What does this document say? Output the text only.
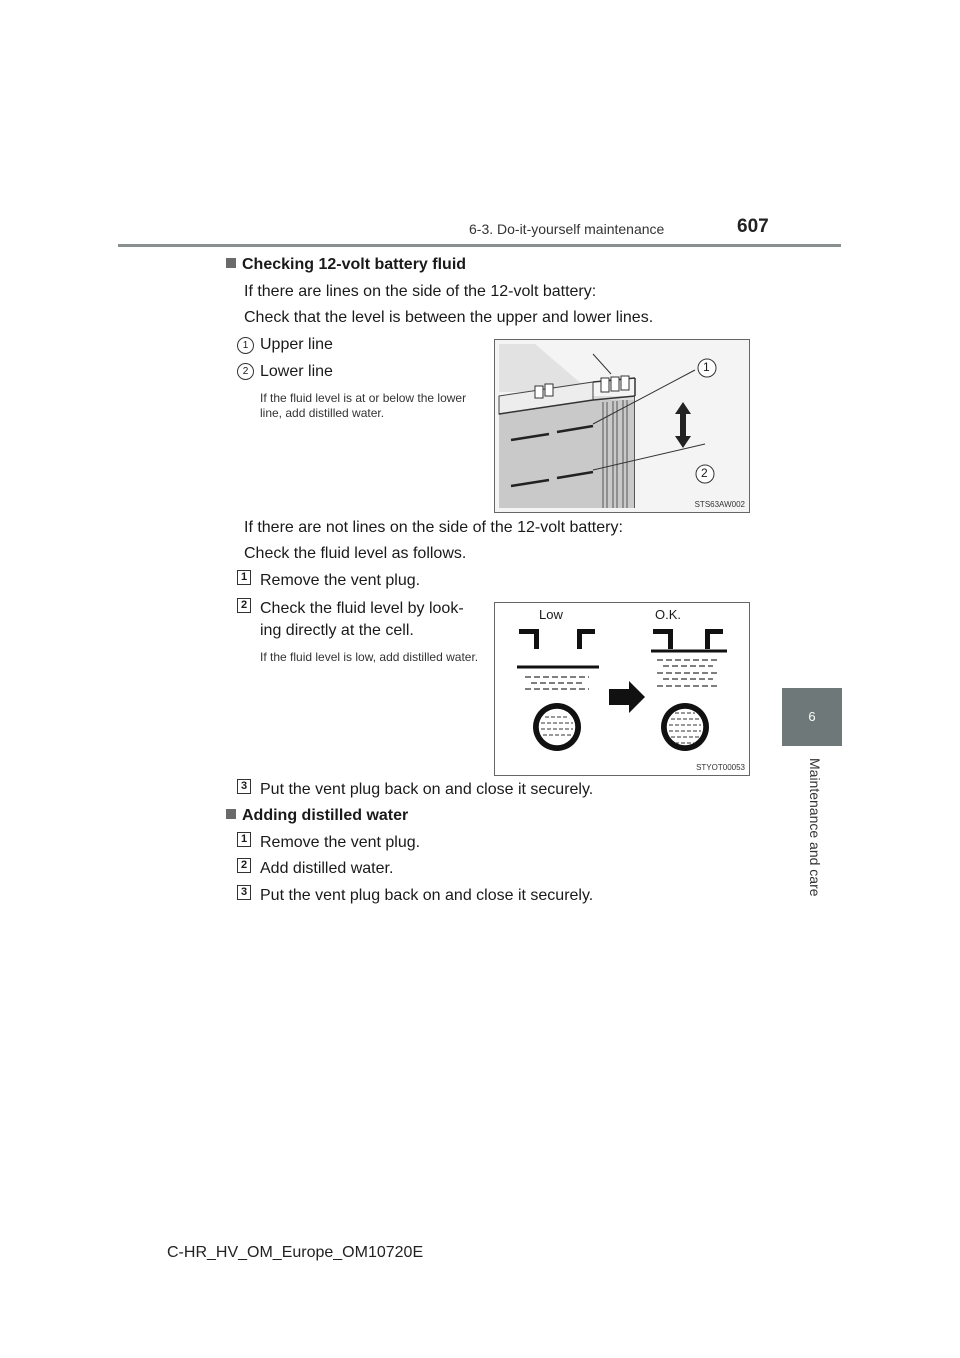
6-3. Do-it-yourself maintenance	607
6
Maintenance and care
Checking 12-volt battery fluid
If there are lines on the side of the 12-volt battery:
Check that the level is between the upper and lower lines.
1 Upper line
2 Lower line
If the fluid level is at or below the lower line, add distilled water.
1
2
STS63AW002
If there are not lines on the side of the 12-volt battery:
Check the fluid level as follows.
1 Remove the vent plug.
2 Check the fluid level by look-
ing directly at the cell.
If the fluid level is low, add distilled water.
Low	O.K.
STYOT00053
3 Put the vent plug back on and close it securely.
Adding distilled water
1 Remove the vent plug.
2 Add distilled water.
3 Put the vent plug back on and close it securely.
C-HR_HV_OM_Europe_OM10720E
